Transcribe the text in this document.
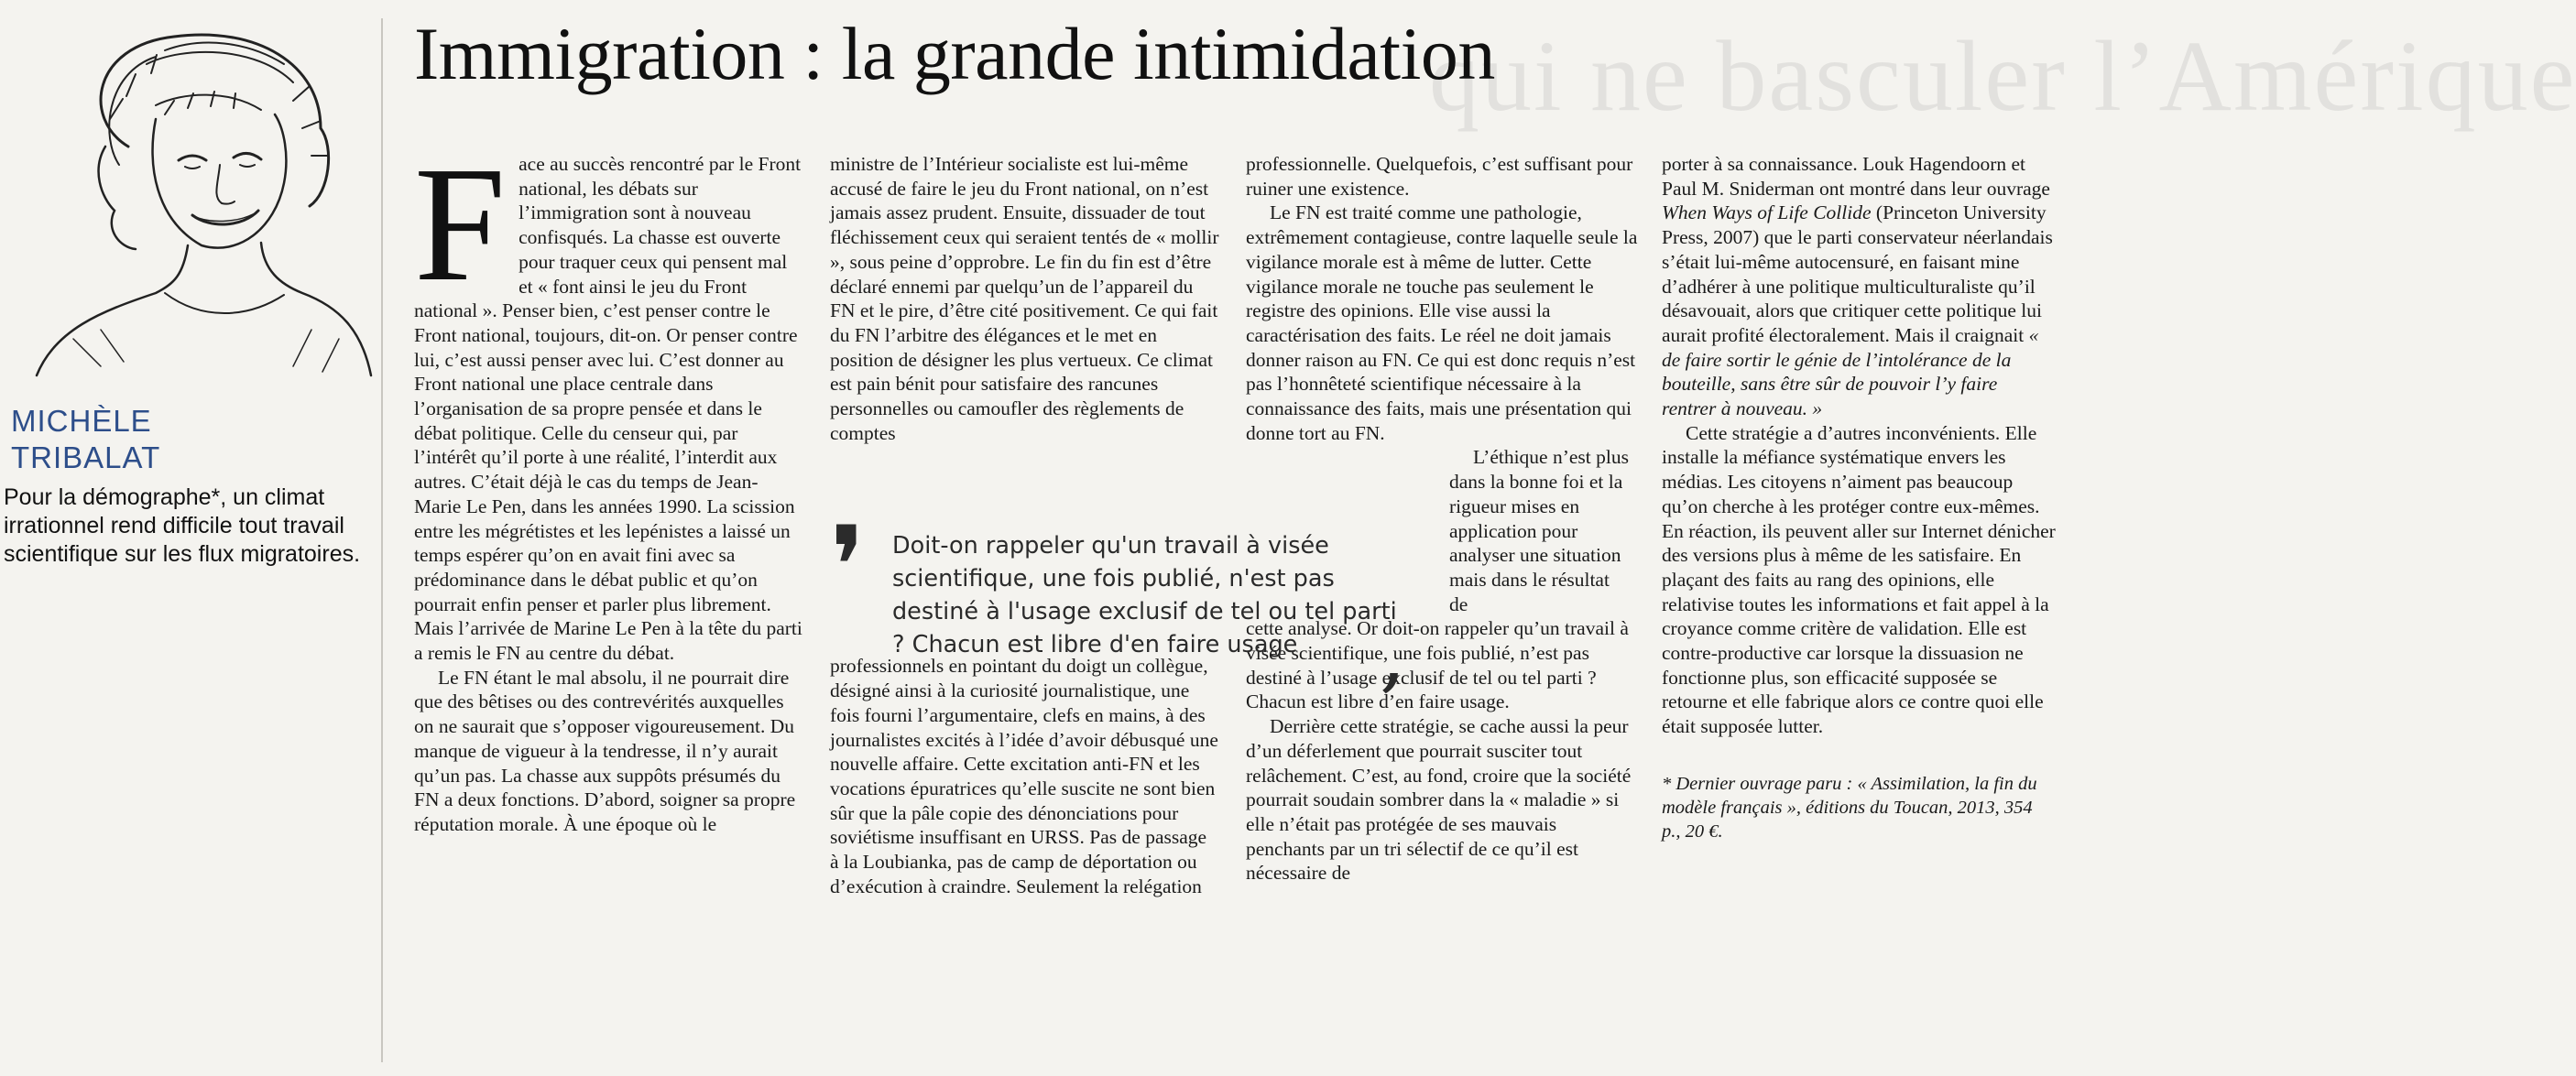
qui ne basculer l’Amérique
MICHÈLE
TRIBALAT
Pour la démographe*, un climat irrationnel rend difficile tout travail scientifique sur les flux migratoires.
Immigration : la grande intimidation

Face au succès rencontré par le Front national, les débats sur l’immigration sont à nouveau confisqués. La chasse est ouverte pour traquer ceux qui pensent mal et « font ainsi le jeu du Front national ». Penser bien, c’est penser contre le Front national, toujours, dit-on. Or penser contre lui, c’est aussi penser avec lui. C’est donner au Front national une place centrale dans l’organisation de sa propre pensée et dans le débat politique. Celle du censeur qui, par l’intérêt qu’il porte à une réalité, l’interdit aux autres. C’était déjà le cas du temps de Jean-Marie Le Pen, dans les années 1990. La scission entre les mégrétistes et les lepénistes a laissé un temps espérer qu’on en avait fini avec sa prédominance dans le débat public et qu’on pourrait enfin penser et parler plus librement. Mais l’arrivée de Marine Le Pen à la tête du parti a remis le FN au centre du débat.

Le FN étant le mal absolu, il ne pourrait dire que des bêtises ou des contrevérités auxquelles on ne saurait que s’opposer vigoureusement. Du manque de vigueur à la tendresse, il n’y aurait qu’un pas. La chasse aux suppôts présumés du FN a deux fonctions. D’abord, soigner sa propre réputation morale. À une époque où le

ministre de l’Intérieur socialiste est lui-même accusé de faire le jeu du Front national, on n’est jamais assez prudent. Ensuite, dissuader de tout fléchissement ceux qui seraient tentés de « mollir », sous peine d’opprobre. Le fin du fin est d’être déclaré ennemi par quelqu’un de l’appareil du FN et le pire, d’être cité positivement. Ce qui fait du FN l’arbitre des élégances et le met en position de désigner les plus vertueux. Ce climat est pain bénit pour satisfaire des rancunes personnelles ou camoufler des règlements de comptes

professionnels en pointant du doigt un collègue, désigné ainsi à la curiosité journalistique, une fois fourni l’argumentaire, clefs en mains, à des journalistes excités à l’idée d’avoir débusqué une nouvelle affaire. Cette excitation anti-FN et les vocations épuratrices qu’elle suscite ne sont bien sûr que la pâle copie des dénonciations pour soviétisme insuffisant en URSS. Pas de passage à la Loubianka, pas de camp de déportation ou d’exécution à craindre. Seulement la relégation

professionnelle. Quelquefois, c’est suffisant pour ruiner une existence.

Le FN est traité comme une pathologie, extrêmement contagieuse, contre laquelle seule la vigilance morale est à même de lutter. Cette vigilance morale ne touche pas seulement le registre des opinions. Elle vise aussi la caractérisation des faits. Le réel ne doit jamais donner raison au FN. Ce qui est donc requis n’est pas l’honnêteté scientifique nécessaire à la connaissance des faits, mais une présentation qui donne tort au FN.

L’éthique n’est plus dans la bonne foi et la rigueur mises en application pour analyser une situation mais dans le résultat de

cette analyse. Or doit-on rappeler qu’un travail à visée scientifique, une fois publié, n’est pas destiné à l’usage exclusif de tel ou tel parti ? Chacun est libre d’en faire usage.

Derrière cette stratégie, se cache aussi la peur d’un déferlement que pourrait susciter tout relâchement. C’est, au fond, croire que la société pourrait soudain sombrer dans la « maladie » si elle n’était pas protégée de ses mauvais penchants par un tri sélectif de ce qu’il est nécessaire de

porter à sa connaissance. Louk Hagendoorn et Paul M. Sniderman ont montré dans leur ouvrage When Ways of Life Collide (Princeton University Press, 2007) que le parti conservateur néerlandais s’était lui-même autocensuré, en faisant mine d’adhérer à une politique multiculturaliste qu’il désavouait, alors que critiquer cette politique lui aurait profité électoralement. Mais il craignait « de faire sortir le génie de l’intolérance de la bouteille, sans être sûr de pouvoir l’y faire rentrer à nouveau. »

Cette stratégie a d’autres inconvénients. Elle installe la méfiance systématique envers les médias. Les citoyens n’aiment pas beaucoup qu’on cherche à les protéger contre eux-mêmes. En réaction, ils peuvent aller sur Internet dénicher des versions plus à même de les satisfaire. En plaçant des faits au rang des opinions, elle relativise toutes les informations et fait appel à la croyance comme critère de validation. Elle est contre-productive car lorsque la dissuasion ne fonctionne plus, son efficacité supposée se retourne et elle fabrique alors ce contre quoi elle était supposée lutter.

* Dernier ouvrage paru : « Assimilation, la fin du modèle français », éditions du Toucan, 2013, 354 p., 20 €.

❜ Doit-on rappeler qu'un travail à visée scientifique, une fois publié, n'est pas destiné à l'usage exclusif de tel ou tel parti ? Chacun est libre d'en faire usage ,
